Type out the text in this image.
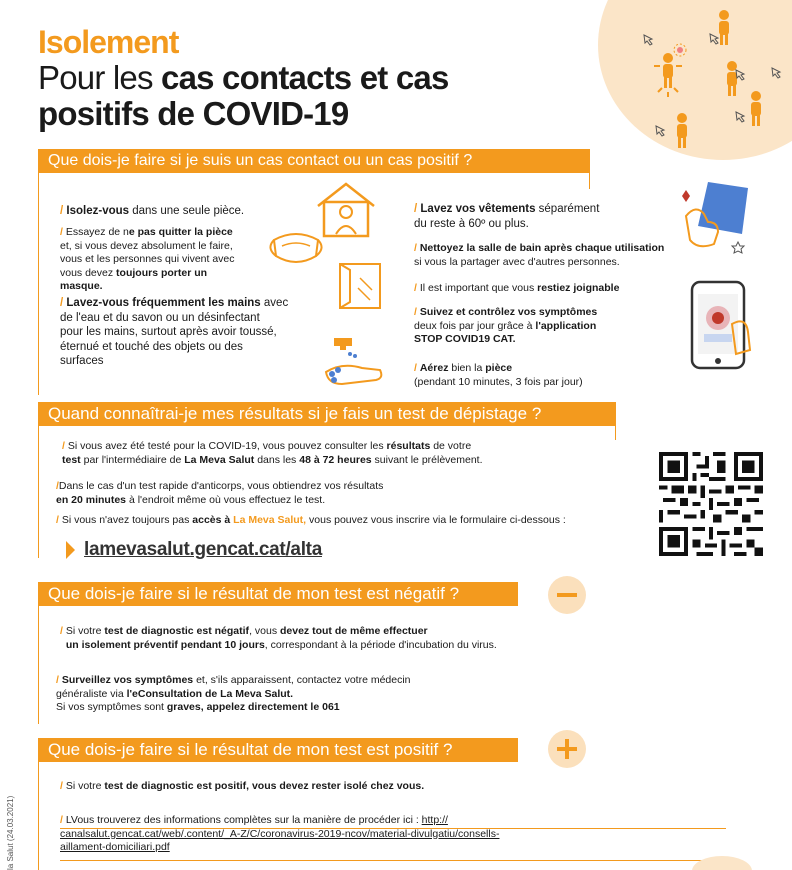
Isolement
Pour les cas contacts et cas
positifs de COVID-19
Que dois-je faire si je suis un cas contact ou un cas positif ?
/ Isolez-vous dans une seule pièce.
/ Essayez de ne pas quitter la pièce
et, si vous devez absolument le faire,
vous et les personnes qui vivent avec
vous devez toujours porter un
masque.
/ Lavez-vous fréquemment les mains avec
de l'eau et du savon ou un désinfectant
pour les mains, surtout après avoir toussé,
éternué et touché des objets ou des
surfaces
/ Lavez vos vêtements séparément
du reste à 60º ou plus.
/ Nettoyez la salle de bain après chaque utilisation
si vous la partager avec d'autres personnes.
/ Il est important que vous restiez joignable
/ Suivez et contrôlez vos symptômes
deux fois par jour grâce à l'application
STOP COVID19 CAT.
/ Aérez bien la pièce
(pendant 10 minutes, 3 fois par jour)
Quand connaîtrai-je mes résultats si je fais un test de dépistage ?
/ Si vous avez été testé pour la COVID-19, vous pouvez consulter les résultats de votre
test par l'intermédiaire de La Meva Salut dans les 48 à 72 heures suivant le prélèvement.
/Dans le cas d'un test rapide d'anticorps, vous obtiendrez vos résultats
en 20 minutes à l'endroit même où vous effectuez le test.
/ Si vous n'avez toujours pas accès à La Meva Salut, vous pouvez vous inscrire via le formulaire ci-dessous :
lamevasalut.gencat.cat/alta
Que dois-je faire si le résultat de mon test est négatif ?
/ Si votre test de diagnostic est négatif, vous devez tout de même effectuer
un isolement préventif pendant 10 jours, correspondant à la période d'incubation du virus.
/ Surveillez vos symptômes et, s'ils apparaissent, contactez votre médecin
généraliste via l'eConsultation de La Meva Salut.
Si vos symptômes sont graves, appelez directement le 061
Que dois-je faire si le résultat de mon test est positif ?
/ Si votre test de diagnostic est positif, vous devez rester isolé chez vous.
/ LVous trouverez des informations complètes sur la manière de procéder ici : http://
canalsalut.gencat.cat/web/.content/_A-Z/C/coronavirus-2019-ncov/material-divulgatiu/consells-
aillament-domiciliari.pdf
la Salut (24.03.2021)
